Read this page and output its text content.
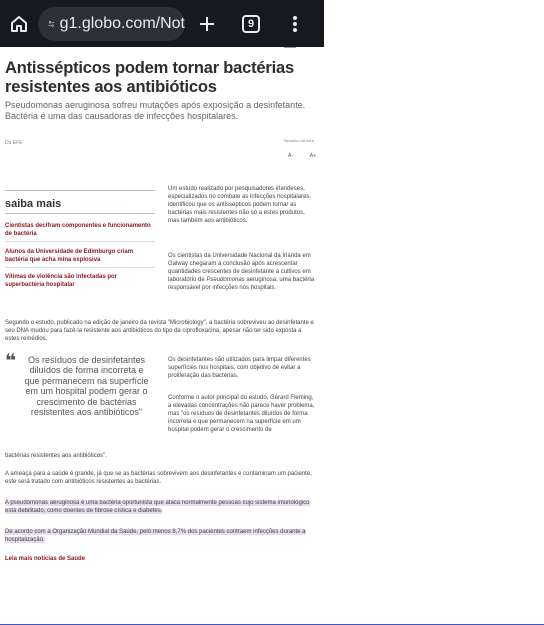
g1.globo.com/Not	9
Antissépticos podem tornar bactérias resistentes aos antibióticos

Pseudomonas aeruginosa sofreu mutações após exposição a desinfetante. Bactéria é uma das causadoras de infecções hospitalares.

Da EFE	Tamanho da letra
A-	A+
saiba mais
Cientistas decifram componentes e funcionamento de bactéria
Alunos da Universidade de Edimburgo criam bactéria que acha mina explosiva
Vítimas de violência são infectadas por superbactéria hospitalar

Um estudo realizado por pesquisadores irlandeses, especializados no combate as infecções hospitalares, identificou que os antissépticos podem tornar as bactérias mais resistentes não só a estes produtos, mas também aos antibióticos.

Os cientistas da Universidade Nacional da Irlanda em Galway chegaram à conclusão após acrescentar quantidades crescentes de desinfetante a cultivos em laboratório de Pseudomonas aeruginosa, uma bactéria responsável por infecções nos hospitais.

Segundo o estudo, publicado na edição de janeiro da revista "Microbiology", a bactéria sobreviveu ao desinfetante e seu DNA mudou para fazê-la resistente aos antibióticos do tipo da ciprofloxacina, apesar não ter sido exposta a estes remédios.

❝	Os resíduos de desinfetantes diluídos de forma incorreta e que permanecem na superfície em um hospital podem gerar o crescimento de bactérias resistentes aos antibióticos"

Os desinfetantes são utilizados para limpar diferentes superfícies nos hospitais, com objetivo de evitar a proliferação das bactérias.

Conforme o autor principal do estudo, Gérard Fleming, a elevadas concentrações não parece haver problema, mas "os resíduos de desinfetantes diluídos de forma incorreta e que permanecem na superfície em um hospital podem gerar o crescimento de

bactérias resistentes aos antibióticos".

A ameaça para a saúde é grande, já que se as bactérias sobrevivem aos desinfetantes e contaminam um paciente, este será tratado com antibióticos resistentes as bactérias.

A pseudomonas aeruginosa é uma bactéria oportunista que ataca normalmente pessoas cujo sistema imunológico está debilitado, como doentes de fibrose cística e diabetes.

De acordo com a Organização Mundial da Saúde, pelo menos 8,7% dos pacientes contraem infecções durante a hospitalização.

Leia mais notícias de Saúde
